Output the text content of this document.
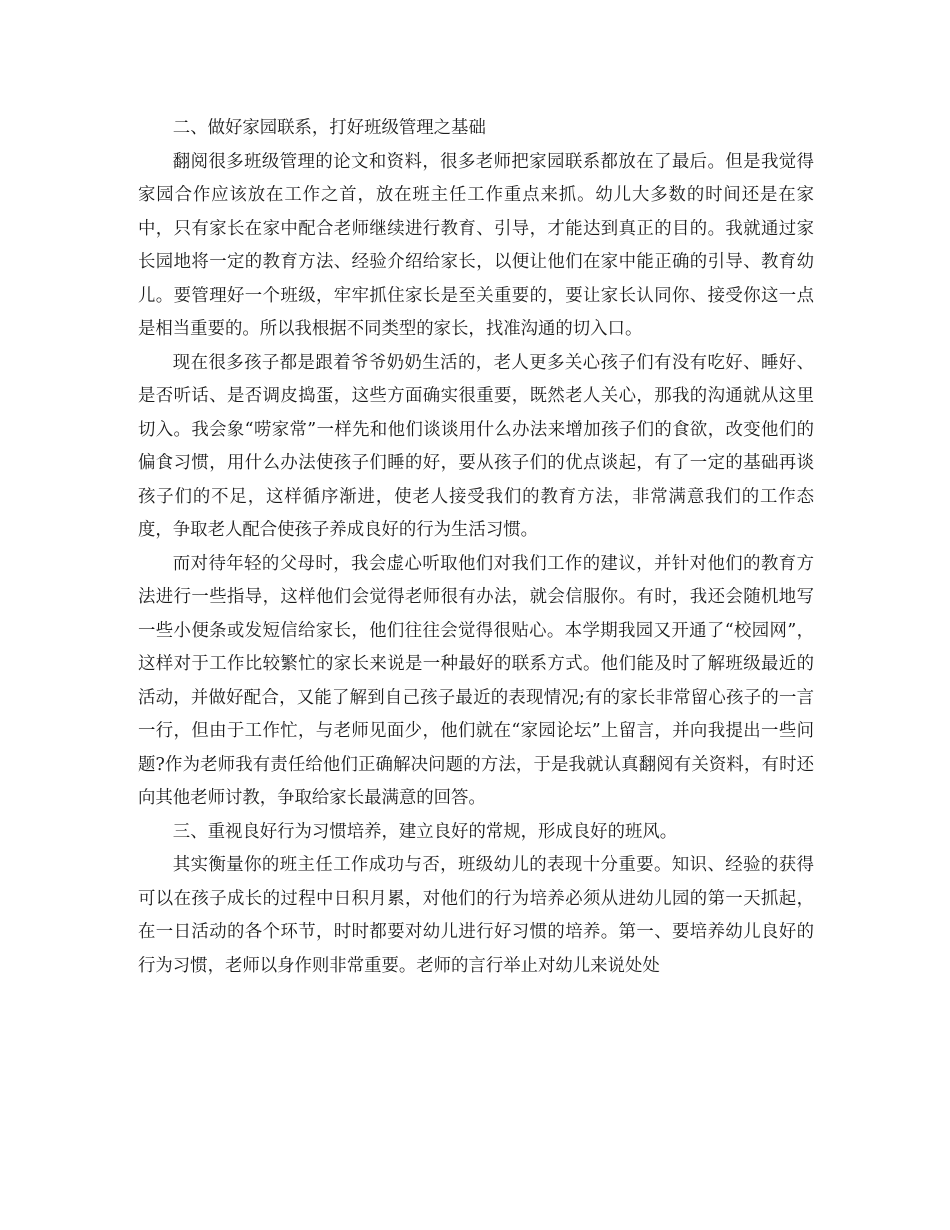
二、做好家园联系，打好班级管理之基础

翻阅很多班级管理的论文和资料，很多老师把家园联系都放在了最后。但是我觉得家园合作应该放在工作之首，放在班主任工作重点来抓。幼儿大多数的时间还是在家中，只有家长在家中配合老师继续进行教育、引导，才能达到真正的目的。我就通过家长园地将一定的教育方法、经验介绍给家长，以便让他们在家中能正确的引导、教育幼儿。要管理好一个班级，牢牢抓住家长是至关重要的，要让家长认同你、接受你这一点是相当重要的。所以我根据不同类型的家长，找准沟通的切入口。

现在很多孩子都是跟着爷爷奶奶生活的，老人更多关心孩子们有没有吃好、睡好、是否听话、是否调皮捣蛋，这些方面确实很重要，既然老人关心，那我的沟通就从这里切入。我会象“唠家常”一样先和他们谈谈用什么办法来增加孩子们的食欲，改变他们的偏食习惯，用什么办法使孩子们睡的好，要从孩子们的优点谈起，有了一定的基础再谈孩子们的不足，这样循序渐进，使老人接受我们的教育方法，非常满意我们的工作态度，争取老人配合使孩子养成良好的行为生活习惯。

而对待年轻的父母时，我会虚心听取他们对我们工作的建议，并针对他们的教育方法进行一些指导，这样他们会觉得老师很有办法，就会信服你。有时，我还会随机地写一些小便条或发短信给家长，他们往往会觉得很贴心。本学期我园又开通了“校园网”，这样对于工作比较繁忙的家长来说是一种最好的联系方式。他们能及时了解班级最近的活动，并做好配合，又能了解到自己孩子最近的表现情况;有的家长非常留心孩子的一言一行，但由于工作忙，与老师见面少，他们就在“家园论坛”上留言，并向我提出一些问题?作为老师我有责任给他们正确解决问题的方法，于是我就认真翻阅有关资料，有时还向其他老师讨教，争取给家长最满意的回答。

三、重视良好行为习惯培养，建立良好的常规，形成良好的班风。

其实衡量你的班主任工作成功与否，班级幼儿的表现十分重要。知识、经验的获得可以在孩子成长的过程中日积月累，对他们的行为培养必须从进幼儿园的第一天抓起，在一日活动的各个环节，时时都要对幼儿进行好习惯的培养。第一、要培养幼儿良好的行为习惯，老师以身作则非常重要。老师的言行举止对幼儿来说处处
